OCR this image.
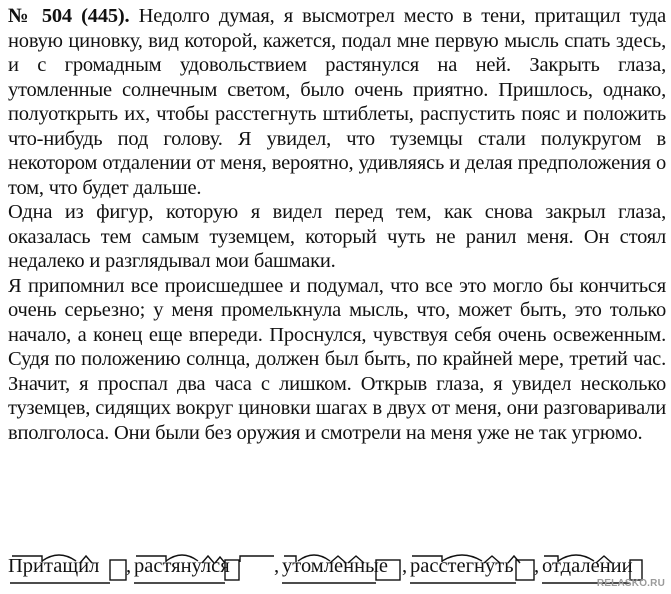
№ 504 (445). Недолго думая, я высмотрел место в тени, притащил туда новую циновку, вид которой, кажется, подал мне первую мысль спать здесь, и с громадным удовольствием растянулся на ней. Закрыть глаза, утомленные солнечным светом, было очень приятно. Пришлось, однако, полуоткрыть их, чтобы расстегнуть штиблеты, распустить пояс и положить что-нибудь под голову. Я увидел, что туземцы стали полукругом в некотором отдалении от меня, вероятно, удивляясь и делая предположения о том, что будет дальше.

Одна из фигур, которую я видел перед тем, как снова закрыл глаза, оказалась тем самым туземцем, который чуть не ранил меня. Он стоял недалеко и разглядывал мои башмаки.

Я припомнил все происшедшее и подумал, что все это могло бы кончиться очень серьезно; у меня промелькнула мысль, что, может быть, это только начало, а конец еще впереди. Проснулся, чувствуя себя очень освеженным. Судя по положению солнца, должен был быть, по крайней мере, третий час. Значит, я проспал два часа с лишком. Открыв глаза, я увидел несколько туземцев, сидящих вокруг циновки шагах в двух от меня, они разговаривали вполголоса. Они были без оружия и смотрели на меня уже не так угрюмо.

Притащил , растянулся , утомленные , расстегнуть , отдалении
RELASKO.RU
